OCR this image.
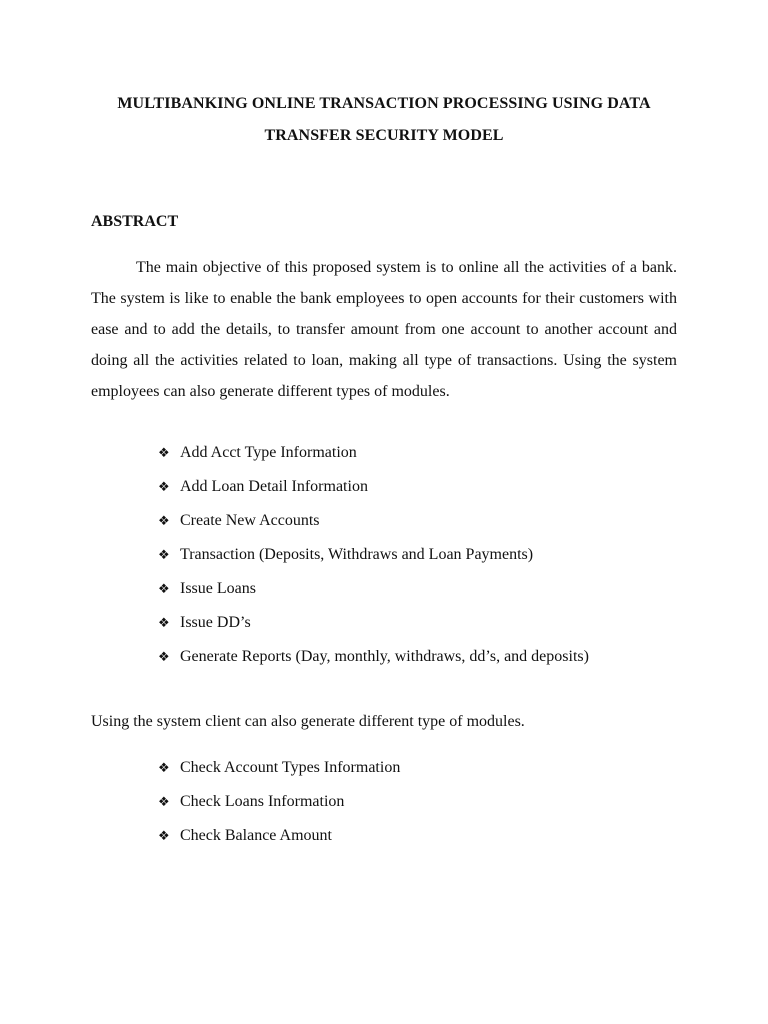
MULTIBANKING ONLINE TRANSACTION PROCESSING USING DATA
TRANSFER SECURITY MODEL
ABSTRACT
The main objective of this proposed system is to online all the activities of a bank. The system is like to enable the bank employees to open accounts for their customers with ease and to add the details, to transfer amount from one account to another account and doing all the activities related to loan, making all type of transactions. Using the system employees can also generate different types of modules.
❖ Add Acct Type Information
❖ Add Loan Detail Information
❖ Create New Accounts
❖ Transaction (Deposits, Withdraws and Loan Payments)
❖ Issue Loans
❖ Issue DD’s
❖ Generate Reports (Day, monthly, withdraws, dd’s, and deposits)
Using the system client can also generate different type of modules.
❖ Check Account Types Information
❖ Check Loans Information
❖ Check Balance Amount
